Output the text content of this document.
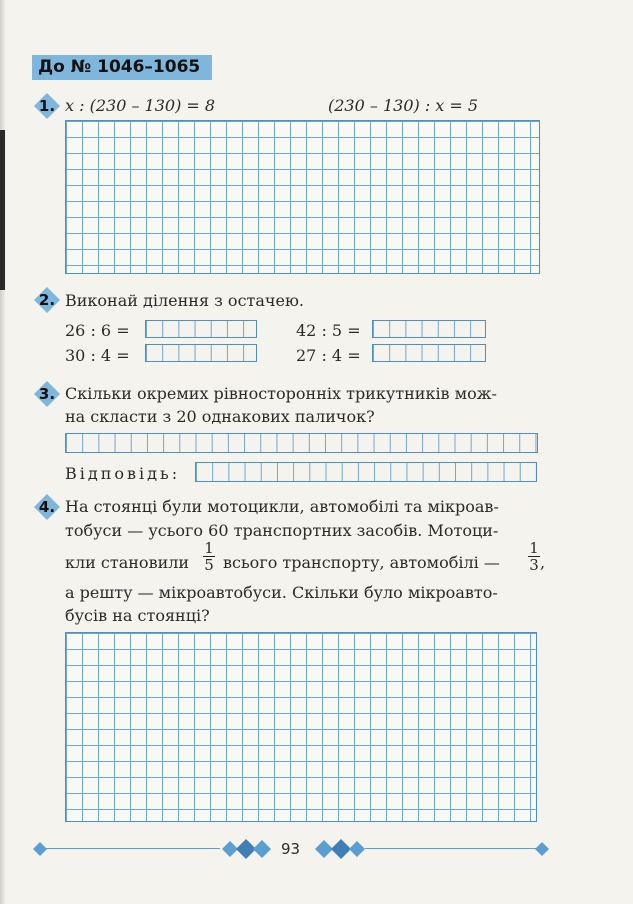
До № 1046–1065
1. x : (230 – 130) = 8	(230 – 130) : x = 5
2. Виконай ділення з остачею.
26 : 6 =
30 : 4 =
42 : 5 =
27 : 4 =
3. Скільки окремих рівносторонніх трикутників мож-
на скласти з 20 однакових паличок?
Відповідь:
4. На стоянці були мотоцикли, автомобілі та мікроав-
тобуси — усього 60 транспортних засобів. Мотоци-
кли становили $\frac{1}{5}$ всього транспорту, автомобілі — $\frac{1}{3}$ ,
а решту — мікроавтобуси. Скільки було мікроавто-
бусів на стоянці?
93
